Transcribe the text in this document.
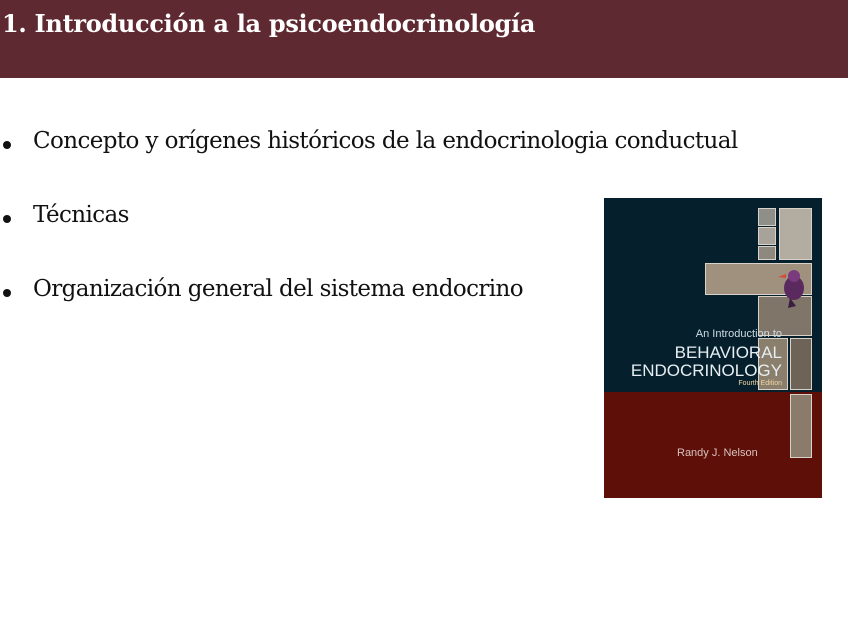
1. Introducción a la psicoendocrinología
Concepto y orígenes históricos de la endocrinologia conductual
Técnicas
Organización general del sistema endocrino
An Introduction to
BEHAVIORAL
ENDOCRINOLOGY
Fourth Edition
Randy J. Nelson
